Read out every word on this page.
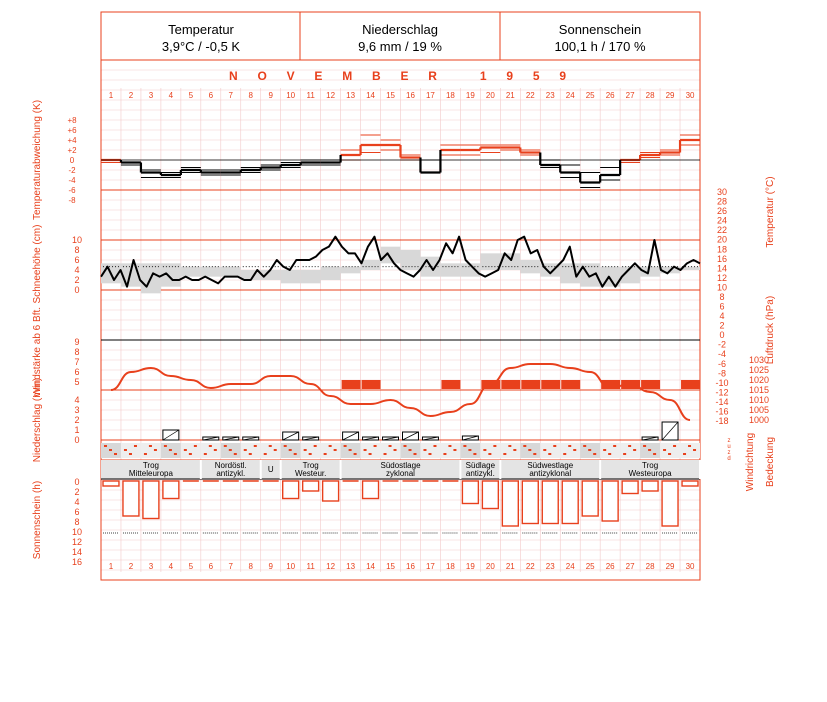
Temperatur
3,9°C / -0,5 K
Niederschlag
9,6 mm / 19 %
Sonnenschein
100,1 h / 170 %
N  O  V  E  M  B  E  R     1  9  5  9
1
1
2
2
3
3
4
4
5
5
6
6
7
7
8
8
9
9
10
10
11
11
12
12
13
13
14
14
15
15
16
16
17
17
18
18
19
19
20
20
21
21
22
22
23
23
24
24
25
25
26
26
27
27
28
28
29
29
30
30
Trog
Mitteleuropa
Nordöstl.
antizykl.	U	Trog
Westeur.
Südostlage
zyklonal
Südlage
antizykl.
Südwestlage
antizyklonal
Trog
Westeuropa
+8
+6
+4
+2
0
-2
-4
-6
-8
10
8
6
4
2
0
9
8
7
6
5
4
3
2
1
0
0
2
4
6
8
10
12
14
16
30
28
26
24
22
20
18
16
14
12
10
8
6
4
2
0
-2
-4
-6
-8
-10
-12
-14
-16
-18
1030
1025
1020
1015
1010
1005
1000
z
u
z
d
Temperaturabweichung (K)
Schneehöhe (cm)
Windstärke ab 6 Bft.
Niederschlag (mm)
Sonnenschein (h)
Temperatur (°C)
Luftdruck (hPa)
Windrichtung Bedeckung
